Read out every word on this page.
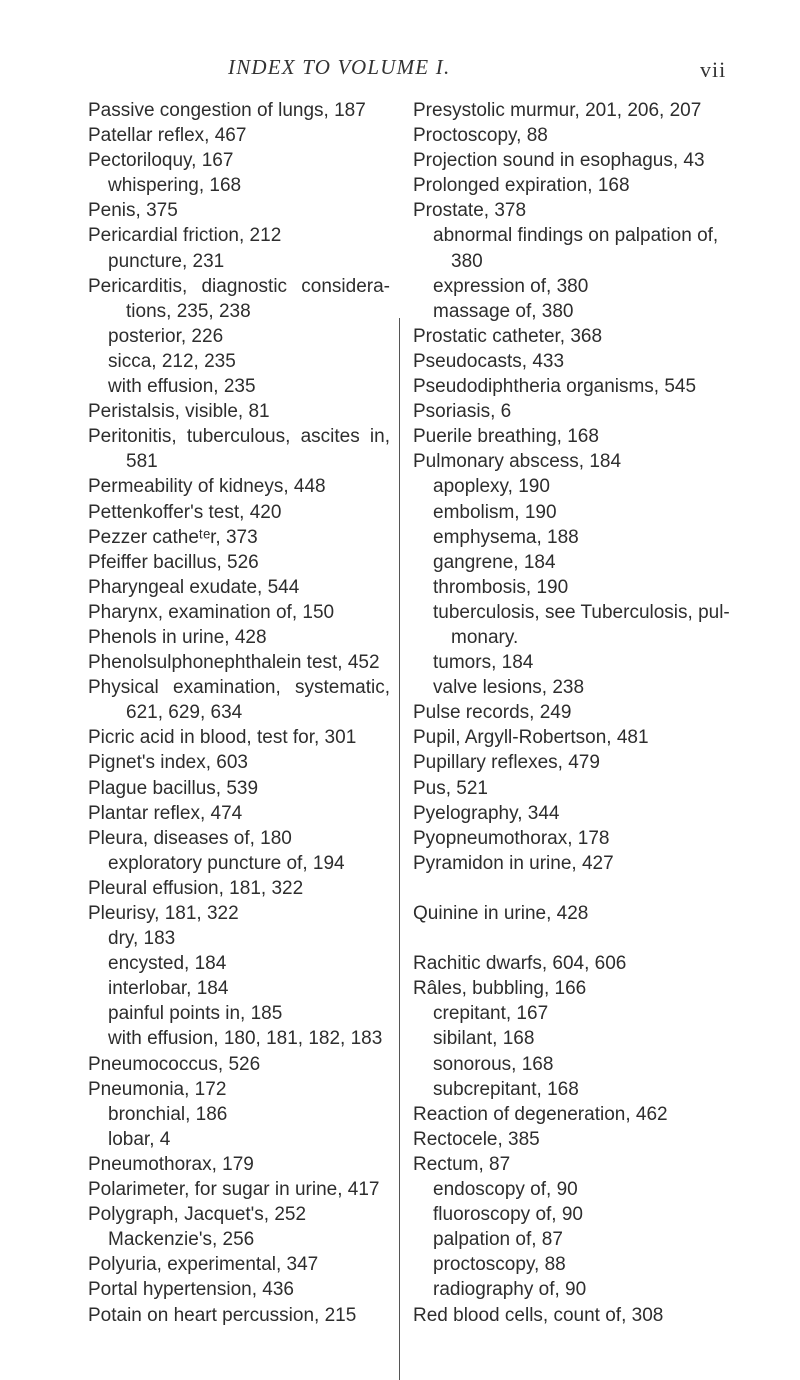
INDEX TO VOLUME I.	vii
Passive congestion of lungs, 187
Patellar reflex, 467
Pectoriloquy, 167
whispering, 168
Penis, 375
Pericardial friction, 212
puncture, 231
Pericarditis, diagnostic considera-
tions, 235, 238
posterior, 226
sicca, 212, 235
with effusion, 235
Peristalsis, visible, 81
Peritonitis, tuberculous, ascites in,
581
Permeability of kidneys, 448
Pettenkoffer's test, 420
Pezzer catheᵗᵉr, 373
Pfeiffer bacillus, 526
Pharyngeal exudate, 544
Pharynx, examination of, 150
Phenols in urine, 428
Phenolsulphonephthalein test, 452
Physical examination, systematic,
621, 629, 634
Picric acid in blood, test for, 301
Pignet's index, 603
Plague bacillus, 539
Plantar reflex, 474
Pleura, diseases of, 180
exploratory puncture of, 194
Pleural effusion, 181, 322
Pleurisy, 181, 322
dry, 183
encysted, 184
interlobar, 184
painful points in, 185
with effusion, 180, 181, 182, 183
Pneumococcus, 526
Pneumonia, 172
bronchial, 186
lobar, 4
Pneumothorax, 179
Polarimeter, for sugar in urine, 417
Polygraph, Jacquet's, 252
Mackenzie's, 256
Polyuria, experimental, 347
Portal hypertension, 436
Potain on heart percussion, 215
Presystolic murmur, 201, 206, 207
Proctoscopy, 88
Projection sound in esophagus, 43
Prolonged expiration, 168
Prostate, 378
abnormal findings on palpation of,
380
expression of, 380
massage of, 380
Prostatic catheter, 368
Pseudocasts, 433
Pseudodiphtheria organisms, 545
Psoriasis, 6
Puerile breathing, 168
Pulmonary abscess, 184
apoplexy, 190
embolism, 190
emphysema, 188
gangrene, 184
thrombosis, 190
tuberculosis, see Tuberculosis, pul-
monary.
tumors, 184
valve lesions, 238
Pulse records, 249
Pupil, Argyll-Robertson, 481
Pupillary reflexes, 479
Pus, 521
Pyelography, 344
Pyopneumothorax, 178
Pyramidon in urine, 427
Quinine in urine, 428
Rachitic dwarfs, 604, 606
Râles, bubbling, 166
crepitant, 167
sibilant, 168
sonorous, 168
subcrepitant, 168
Reaction of degeneration, 462
Rectocele, 385
Rectum, 87
endoscopy of, 90
fluoroscopy of, 90
palpation of, 87
proctoscopy, 88
radiography of, 90
Red blood cells, count of, 308
